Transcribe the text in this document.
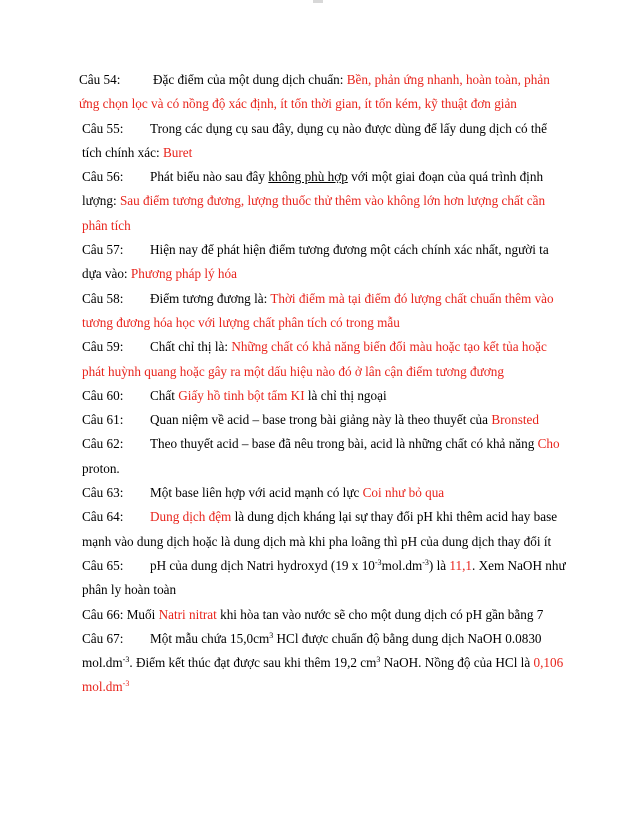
Câu 54: Đặc điểm của một dung dịch chuẩn: Bền, phản ứng nhanh, hoàn toàn, phản ứng chọn lọc và có nồng độ xác định, ít tốn thời gian, ít tốn kém, kỹ thuật đơn giản

Câu 55: Trong các dụng cụ sau đây, dụng cụ nào được dùng để lấy dung dịch có thể tích chính xác: Buret

Câu 56: Phát biểu nào sau đây không phù hợp với một giai đoạn của quá trình định lượng: Sau điểm tương đương, lượng thuốc thử thêm vào không lớn hơn lượng chất cần phân tích

Câu 57: Hiện nay để phát hiện điểm tương đương một cách chính xác nhất, người ta dựa vào: Phương pháp lý hóa

Câu 58: Điểm tương đương là: Thời điểm mà tại điểm đó lượng chất chuẩn thêm vào tương đương hóa học với lượng chất phân tích có trong mẫu

Câu 59: Chất chỉ thị là: Những chất có khả năng biến đổi màu hoặc tạo kết tủa hoặc phát huỳnh quang hoặc gây ra một dấu hiệu nào đó ở lân cận điểm tương đương

Câu 60: Chất Giấy hồ tinh bột tẩm KI là chỉ thị ngoại

Câu 61: Quan niệm về acid – base trong bài giảng này là theo thuyết của Bronsted

Câu 62: Theo thuyết acid – base đã nêu trong bài, acid là những chất có khả năng Cho proton.

Câu 63: Một base liên hợp với acid mạnh có lực Coi như bỏ qua

Câu 64: Dung dịch đệm là dung dịch kháng lại sự thay đổi pH khi thêm acid hay base mạnh vào dung dịch hoặc là dung dịch mà khi pha loãng thì pH của dung dịch thay đổi ít

Câu 65: pH của dung dịch Natri hydroxyd (19 x $10^{-3}mol.dm^{-3}$) là 11,1. Xem NaOH như phân ly hoàn toàn

Câu 66: Muối Natri nitrat khi hòa tan vào nước sẽ cho một dung dịch có pH gần bằng 7

Câu 67: Một mẫu chứa $15,0cm^3$ HCl được chuẩn độ bằng dung dịch NaOH 0.0830 $mol.dm^{-3}$. Điểm kết thúc đạt được sau khi thêm 19,2 $cm^3$ NaOH. Nồng độ của HCl là 0,106 $mol.dm^{-3}$
